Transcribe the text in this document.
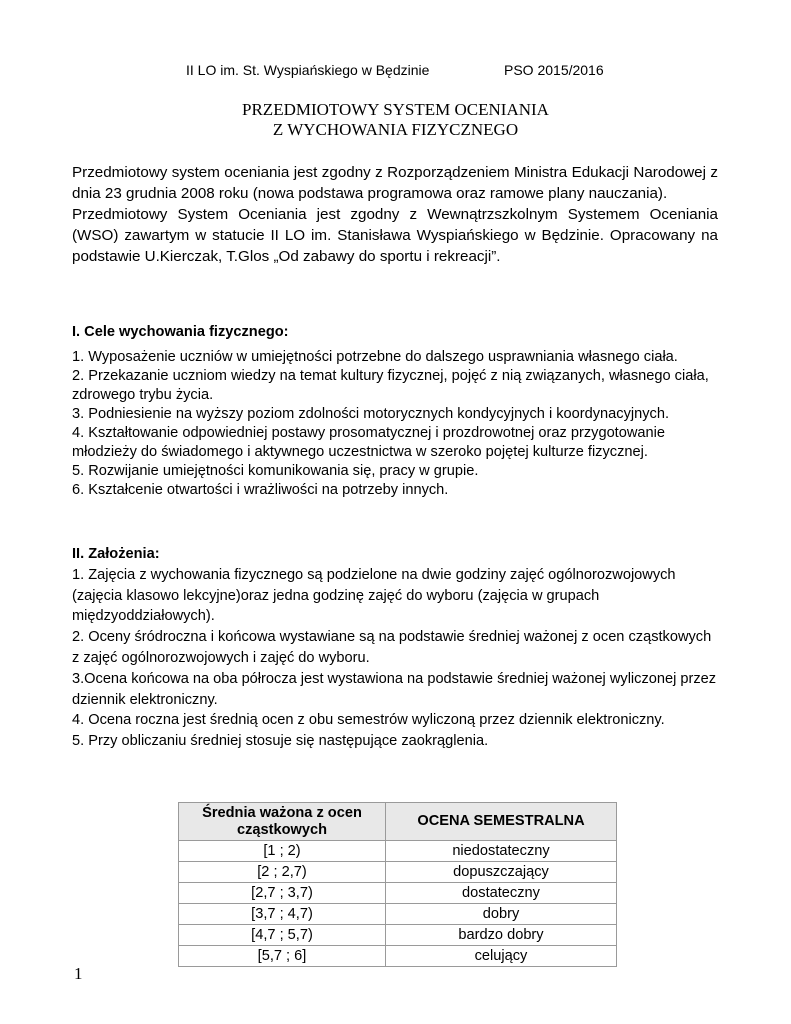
II LO im. St. Wyspiańskiego w Będzinie	PSO 2015/2016
PRZEDMIOTOWY SYSTEM OCENIANIA
Z WYCHOWANIA FIZYCZNEGO

Przedmiotowy system oceniania jest zgodny z Rozporządzeniem Ministra Edukacji Narodowej z dnia 23 grudnia 2008 roku (nowa podstawa programowa oraz ramowe plany nauczania).

Przedmiotowy System Oceniania jest zgodny z Wewnątrzszkolnym Systemem Oceniania (WSO) zawartym w statucie II LO im. Stanisława Wyspiańskiego w Będzinie. Opracowany na podstawie U.Kierczak, T.Glos „Od zabawy do sportu i rekreacji”.

I. Cele wychowania fizycznego:

1. Wyposażenie uczniów w umiejętności potrzebne do dalszego usprawniania własnego ciała.

2. Przekazanie uczniom wiedzy na temat kultury fizycznej, pojęć z nią związanych, własnego ciała, zdrowego trybu życia.

3. Podniesienie na wyższy poziom zdolności motorycznych kondycyjnych i koordynacyjnych.

4. Kształtowanie odpowiedniej postawy prosomatycznej i prozdrowotnej oraz przygotowanie młodzieży do świadomego i aktywnego uczestnictwa w szeroko pojętej kulturze fizycznej.

5. Rozwijanie umiejętności komunikowania się, pracy w grupie.

6. Kształcenie otwartości i wrażliwości na potrzeby innych.

II. Założenia:

1. Zajęcia z wychowania fizycznego są podzielone na dwie godziny zajęć ogólnorozwojowych (zajęcia klasowo lekcyjne)oraz jedna godzinę zajęć do wyboru (zajęcia w grupach międzyoddziałowych).

2. Oceny śródroczna i końcowa wystawiane są na podstawie średniej ważonej z ocen cząstkowych z zajęć ogólnorozwojowych i zajęć do wyboru.

3.Ocena końcowa na oba półrocza jest wystawiona na podstawie średniej ważonej wyliczonej przez dziennik elektroniczny.

4. Ocena roczna jest średnią ocen z obu semestrów wyliczoną przez dziennik elektroniczny.

5. Przy obliczaniu średniej stosuje się następujące zaokrąglenia.

Średnia ważona z ocen cząstkowych	OCENA SEMESTRALNA
[1 ; 2)	niedostateczny
[2 ; 2,7)	dopuszczający
[2,7 ; 3,7)	dostateczny
[3,7 ; 4,7)	dobry
[4,7 ; 5,7)	bardzo dobry
[5,7 ; 6]	celujący
1
